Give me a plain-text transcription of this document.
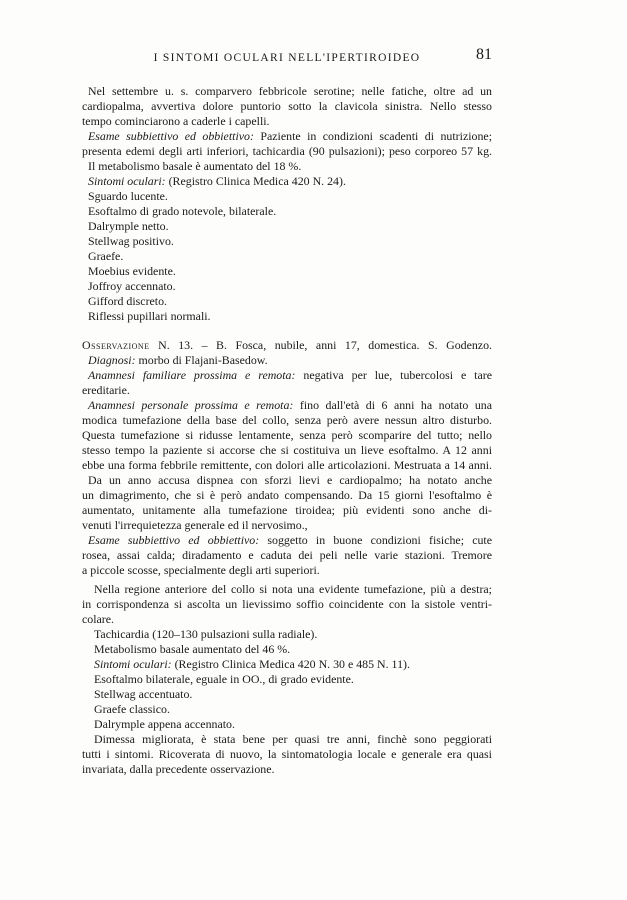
I SINTOMI OCULARI NELL'IPERTIROIDEO	81
Nel settembre u. s. comparvero febbricole serotine; nelle fatiche, oltre ad un
cardiopalma, avvertiva dolore puntorio sotto la clavicola sinistra. Nello stesso
tempo cominciarono a caderle i capelli.
Esame subbiettivo ed obbiettivo: Paziente in condizioni scadenti di nutrizione;
presenta edemi degli arti inferiori, tachicardia (90 pulsazioni); peso corporeo 57 kg.
Il metabolismo basale è aumentato del 18 %.
Sintomi oculari: (Registro Clinica Medica 420 N. 24).
Sguardo lucente.
Esoftalmo di grado notevole, bilaterale.
Dalrymple netto.
Stellwag positivo.
Graefe.
Moebius evidente.
Joffroy accennato.
Gifford discreto.
Riflessi pupillari normali.
Osservazione N. 13. – B. Fosca, nubile, anni 17, domestica. S. Godenzo.
Diagnosi: morbo di Flajani-Basedow.
Anamnesi familiare prossima e remota: negativa per lue, tubercolosi e tare
ereditarie.
Anamnesi personale prossima e remota: fino dall'età di 6 anni ha notato una
modica tumefazione della base del collo, senza però avere nessun altro disturbo.
Questa tumefazione si ridusse lentamente, senza però scomparire del tutto; nello
stesso tempo la paziente si accorse che si costituiva un lieve esoftalmo. A 12 anni
ebbe una forma febbrile remittente, con dolori alle articolazioni. Mestruata a 14 anni.
Da un anno accusa dispnea con sforzi lievi e cardiopalmo; ha notato anche
un dimagrimento, che si è però andato compensando. Da 15 giorni l'esoftalmo è
aumentato, unitamente alla tumefazione tiroidea; più evidenti sono anche di-
venuti l'irrequietezza generale ed il nervosimo.,
Esame subbiettivo ed obbiettivo: soggetto in buone condizioni fisiche; cute
rosea, assai calda; diradamento e caduta dei peli nelle varie stazioni. Tremore
a piccole scosse, specialmente degli arti superiori.
Nella regione anteriore del collo si nota una evidente tumefazione, più a destra;
in corrispondenza si ascolta un lievissimo soffio coincidente con la sistole ventri-
colare.
Tachicardia (120–130 pulsazioni sulla radiale).
Metabolismo basale aumentato del 46 %.
Sintomi oculari: (Registro Clinica Medica 420 N. 30 e 485 N. 11).
Esoftalmo bilaterale, eguale in OO., di grado evidente.
Stellwag accentuato.
Graefe classico.
Dalrymple appena accennato.
Dimessa migliorata, è stata bene per quasi tre anni, finchè sono peggiorati
tutti i sintomi. Ricoverata di nuovo, la sintomatologia locale e generale era quasi
invariata, dalla precedente osservazione.
